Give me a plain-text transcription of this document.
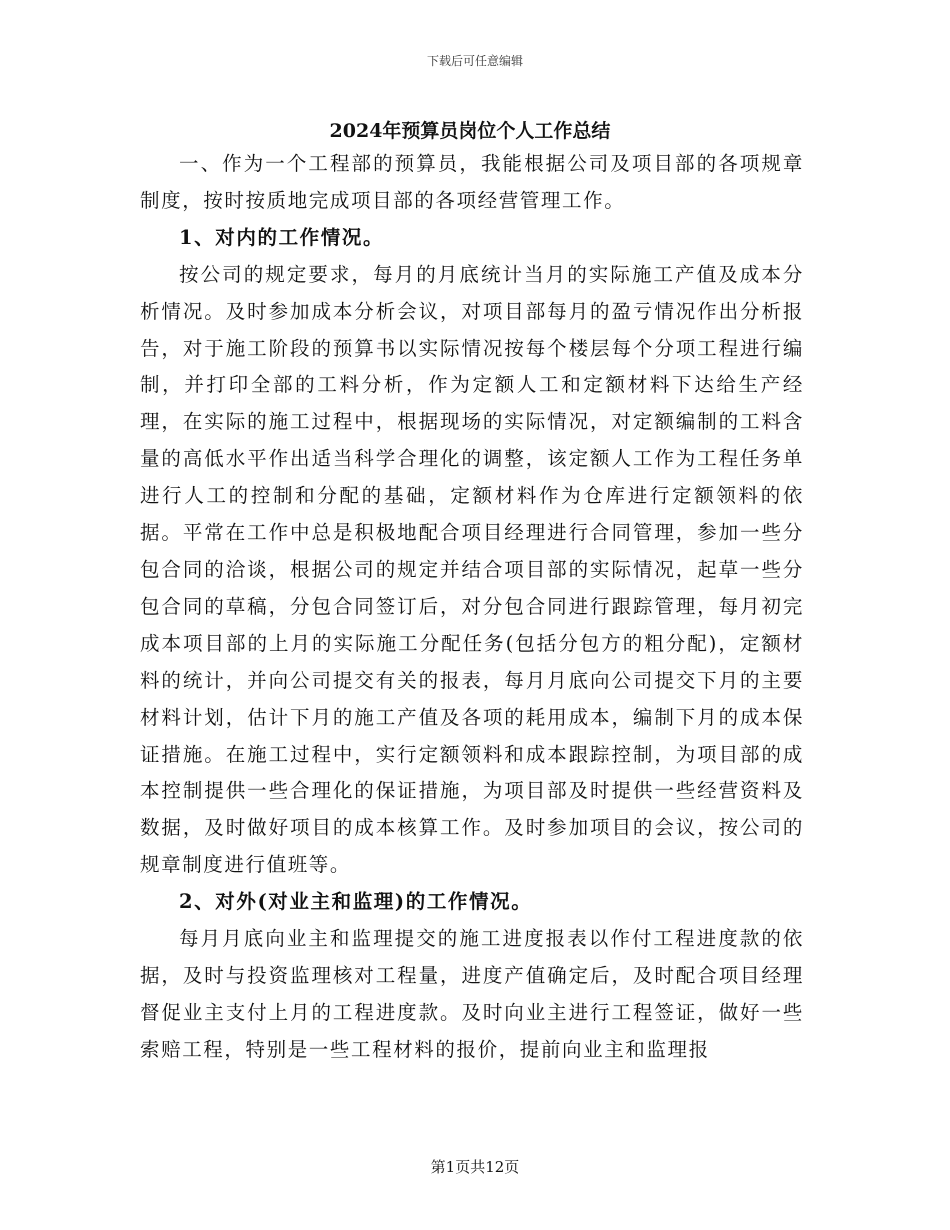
下载后可任意编辑
2024年预算员岗位个人工作总结

一、作为一个工程部的预算员，我能根据公司及项目部的各项规章制度，按时按质地完成项目部的各项经营管理工作。

1、对内的工作情况。

按公司的规定要求，每月的月底统计当月的实际施工产值及成本分析情况。及时参加成本分析会议，对项目部每月的盈亏情况作出分析报告，对于施工阶段的预算书以实际情况按每个楼层每个分项工程进行编制，并打印全部的工料分析，作为定额人工和定额材料下达给生产经理，在实际的施工过程中，根据现场的实际情况，对定额编制的工料含量的高低水平作出适当科学合理化的调整，该定额人工作为工程任务单进行人工的控制和分配的基础，定额材料作为仓库进行定额领料的依据。平常在工作中总是积极地配合项目经理进行合同管理，参加一些分包合同的洽谈，根据公司的规定并结合项目部的实际情况，起草一些分包合同的草稿，分包合同签订后，对分包合同进行跟踪管理，每月初完成本项目部的上月的实际施工分配任务(包括分包方的粗分配)，定额材料的统计，并向公司提交有关的报表，每月月底向公司提交下月的主要材料计划，估计下月的施工产值及各项的耗用成本，编制下月的成本保证措施。在施工过程中，实行定额领料和成本跟踪控制，为项目部的成本控制提供一些合理化的保证措施，为项目部及时提供一些经营资料及数据，及时做好项目的成本核算工作。及时参加项目的会议，按公司的规章制度进行值班等。

2、对外(对业主和监理)的工作情况。

每月月底向业主和监理提交的施工进度报表以作付工程进度款的依据，及时与投资监理核对工程量，进度产值确定后，及时配合项目经理督促业主支付上月的工程进度款。及时向业主进行工程签证，做好一些索赔工程，特别是一些工程材料的报价，提前向业主和监理报

第1页共12页
